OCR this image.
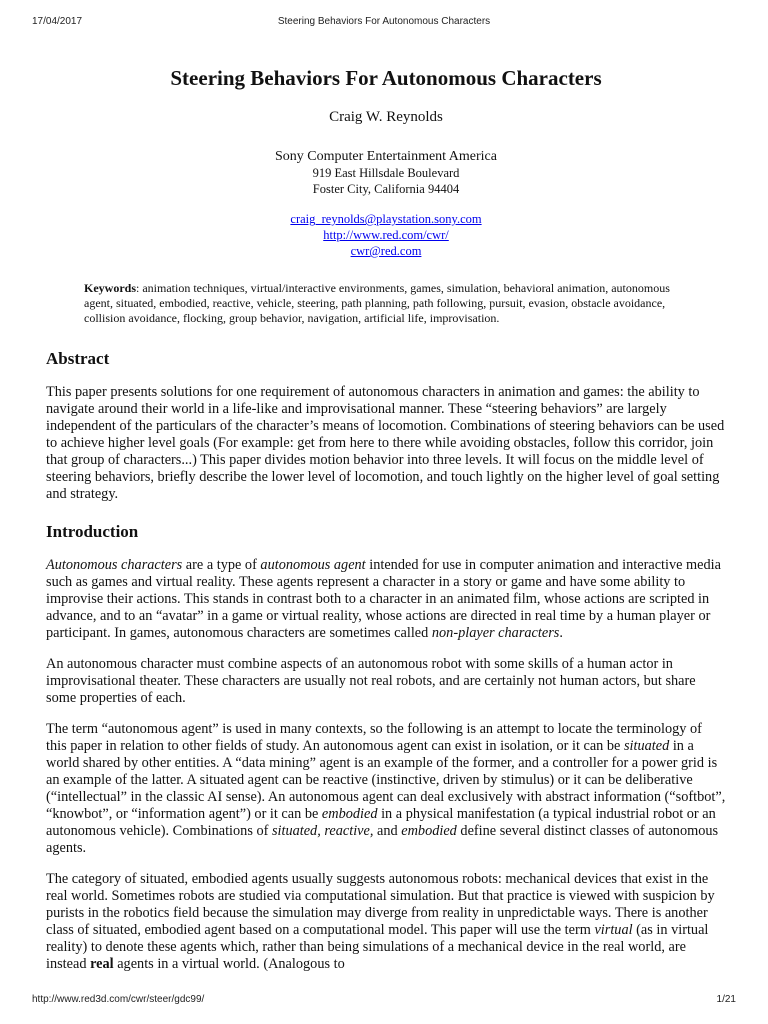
17/04/2017	Steering Behaviors For Autonomous Characters
Steering Behaviors For Autonomous Characters
Craig W. Reynolds
Sony Computer Entertainment America
919 East Hillsdale Boulevard
Foster City, California 94404
craig_reynolds@playstation.sony.com
http://www.red.com/cwr/
cwr@red.com
Keywords: animation techniques, virtual/interactive environments, games, simulation, behavioral animation, autonomous agent, situated, embodied, reactive, vehicle, steering, path planning, path following, pursuit, evasion, obstacle avoidance, collision avoidance, flocking, group behavior, navigation, artificial life, improvisation.
Abstract

This paper presents solutions for one requirement of autonomous characters in animation and games: the ability to navigate around their world in a life-like and improvisational manner. These “steering behaviors” are largely independent of the particulars of the character’s means of locomotion. Combinations of steering behaviors can be used to achieve higher level goals (For example: get from here to there while avoiding obstacles, follow this corridor, join that group of characters...) This paper divides motion behavior into three levels. It will focus on the middle level of steering behaviors, briefly describe the lower level of locomotion, and touch lightly on the higher level of goal setting and strategy.

Introduction

Autonomous characters are a type of autonomous agent intended for use in computer animation and interactive media such as games and virtual reality. These agents represent a character in a story or game and have some ability to improvise their actions. This stands in contrast both to a character in an animated film, whose actions are scripted in advance, and to an “avatar” in a game or virtual reality, whose actions are directed in real time by a human player or participant. In games, autonomous characters are sometimes called non-player characters.

An autonomous character must combine aspects of an autonomous robot with some skills of a human actor in improvisational theater. These characters are usually not real robots, and are certainly not human actors, but share some properties of each.

The term “autonomous agent” is used in many contexts, so the following is an attempt to locate the terminology of this paper in relation to other fields of study. An autonomous agent can exist in isolation, or it can be situated in a world shared by other entities. A “data mining” agent is an example of the former, and a controller for a power grid is an example of the latter. A situated agent can be reactive (instinctive, driven by stimulus) or it can be deliberative (“intellectual” in the classic AI sense). An autonomous agent can deal exclusively with abstract information (“softbot”, “knowbot”, or “information agent”) or it can be embodied in a physical manifestation (a typical industrial robot or an autonomous vehicle). Combinations of situated, reactive, and embodied define several distinct classes of autonomous agents.

The category of situated, embodied agents usually suggests autonomous robots: mechanical devices that exist in the real world. Sometimes robots are studied via computational simulation. But that practice is viewed with suspicion by purists in the robotics field because the simulation may diverge from reality in unpredictable ways. There is another class of situated, embodied agent based on a computational model. This paper will use the term virtual (as in virtual reality) to denote these agents which, rather than being simulations of a mechanical device in the real world, are instead real agents in a virtual world. (Analogous to

http://www.red3d.com/cwr/steer/gdc99/	1/21
